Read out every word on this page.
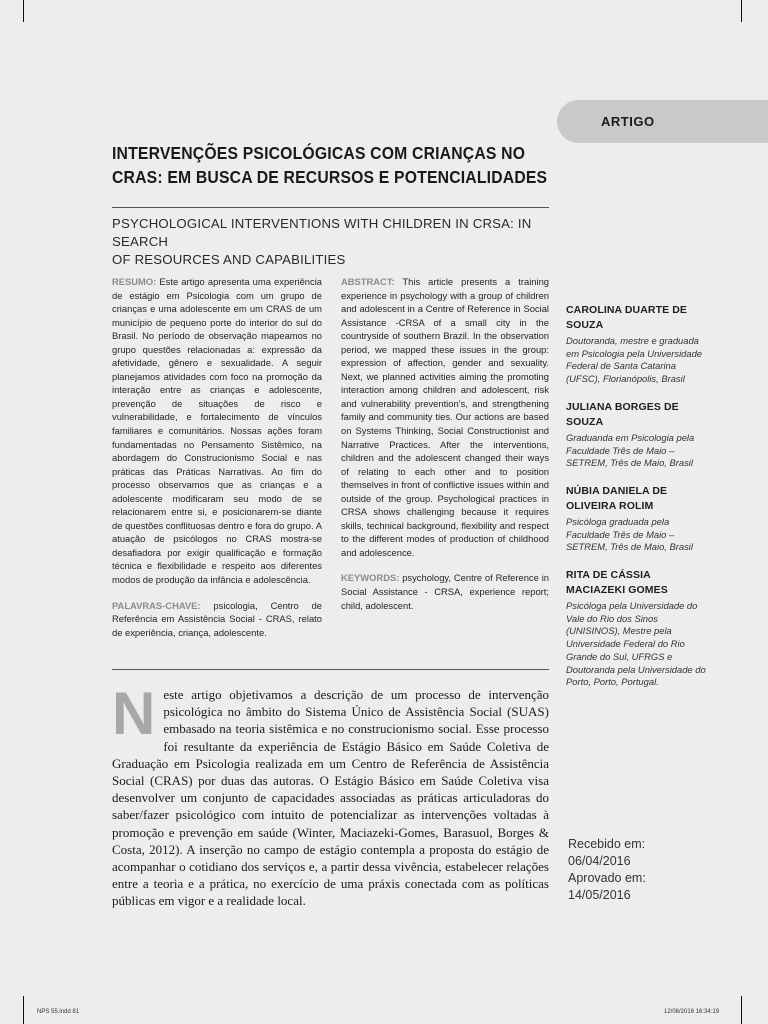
ARTIGO
INTERVENÇÕES PSICOLÓGICAS COM CRIANÇAS NO
CRAS: EM BUSCA DE RECURSOS E POTENCIALIDADES
PSYCHOLOGICAL INTERVENTIONS WITH CHILDREN IN CRSA: IN SEARCH
OF RESOURCES AND CAPABILITIES

RESUMO: Este artigo apresenta uma experiência de estágio em Psicologia com um grupo de crianças e uma adolescente em um CRAS de um município de pequeno porte do interior do sul do Brasil. No período de observação mapeamos no grupo questões relacionadas a: expressão da afetividade, gênero e sexualidade. A seguir planejamos atividades com foco na promoção da interação entre as crianças e adolescente, prevenção de situações de risco e vulnerabilidade, e fortalecimento de vínculos familiares e comunitários. Nossas ações foram fundamentadas no Pensamento Sistêmico, na abordagem do Construcionismo Social e nas práticas das Práticas Narrativas. Ao fim do processo observamos que as crianças e a adolescente modificaram seu modo de se relacionarem entre si, e posicionarem-se diante de questões conflituosas dentro e fora do grupo. A atuação de psicólogos no CRAS mostra-se desafiadora por exigir qualificação e formação técnica e flexibilidade e respeito aos diferentes modos de produção da infância e adolescência.

PALAVRAS-CHAVE: psicologia, Centro de Referência em Assistência Social - CRAS, relato de experiência, criança, adolescente.

ABSTRACT: This article presents a training experience in psychology with a group of children and adolescent in a Centre of Reference in Social Assistance -CRSA of a small city in the countryside of southern Brazil. In the observation period, we mapped these issues in the group: expression of affection, gender and sexuality. Next, we planned activities aiming the promoting interaction among children and adolescent, risk and vulnerability prevention's, and strengthening family and community ties. Our actions are based on Systems Thinking, Social Constructionist and Narrative Practices. After the interventions, children and the adolescent changed their ways of relating to each other and to position themselves in front of conflictive issues within and outside of the group. Psychological practices in CRSA shows challenging because it requires skills, technical background, flexibility and respect to the different modes of production of childhood and adolescence.

KEYWORDS: psychology, Centre of Reference in Social Assistance - CRSA, experience report; child, adolescent.

CAROLINA DUARTE DE SOUZA
Doutoranda, mestre e graduada em Psicologia pela Universidade Federal de Santa Catarina (UFSC), Florianópolis, Brasil
JULIANA BORGES DE SOUZA
Graduanda em Psicologia pela Faculdade Três de Maio –SETREM, Três de Maio, Brasil
NÚBIA DANIELA DE OLIVEIRA ROLIM
Psicóloga graduada pela Faculdade Três de Maio – SETREM, Três de Maio, Brasil
RITA DE CÁSSIA MACIAZEKI GOMES
Psicóloga pela Universidade do Vale do Rio dos Sinos (UNISINOS), Mestre pela Universidade Federal do Rio Grande do Sul, UFRGS e Doutoranda pela Universidade do Porto, Porto, Portugal.
Neste artigo objetivamos a descrição de um processo de intervenção psicológica no âmbito do Sistema Único de Assistência Social (SUAS) embasado na teoria sistêmica e no construcionismo social. Esse processo foi resultante da experiência de Estágio Básico em Saúde Coletiva de Graduação em Psicologia realizada em um Centro de Referência de Assistência Social (CRAS) por duas das autoras. O Estágio Básico em Saúde Coletiva visa desenvolver um conjunto de capacidades associadas as práticas articuladoras do saber/fazer psicológico com intuito de potencializar as intervenções voltadas à promoção e prevenção em saúde (Winter, Maciazeki-Gomes, Barasuol, Borges & Costa, 2012). A inserção no campo de estágio contempla a proposta do estágio de acompanhar o cotidiano dos serviços e, a partir dessa vivência, estabelecer relações entre a teoria e a prática, no exercício de uma práxis conectada com as políticas públicas em vigor e a realidade local.
Recebido em:
06/04/2016
Aprovado em:
14/05/2016
NPS 55.indd 81	12/08/2016 16:34:19
